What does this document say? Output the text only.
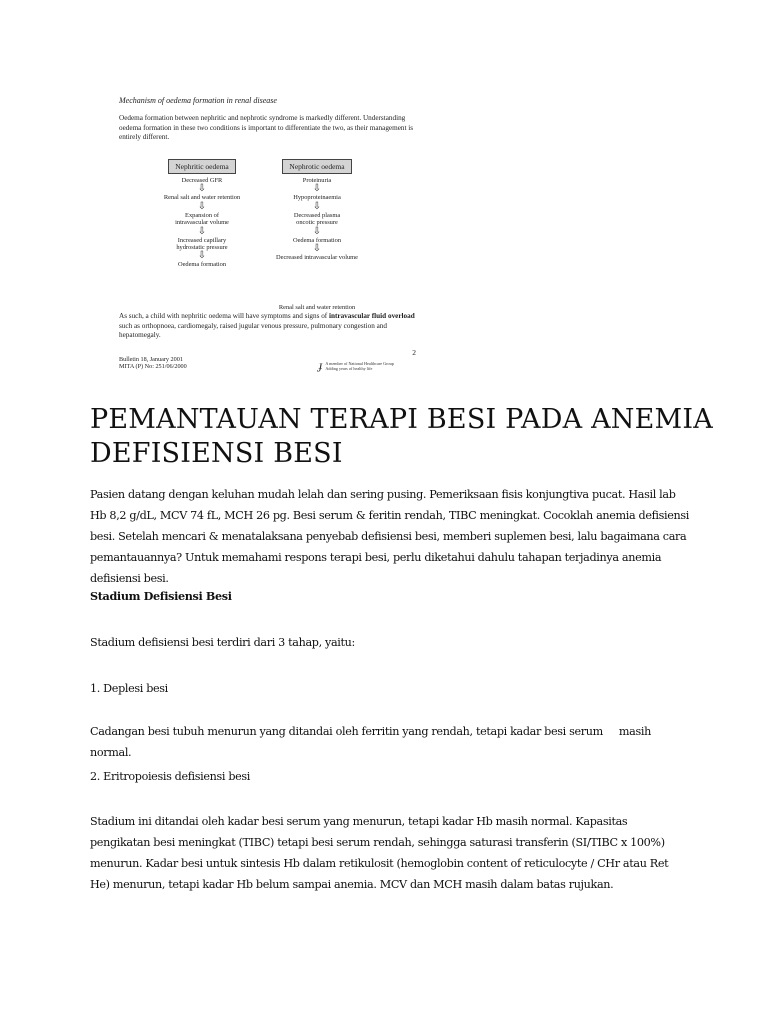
Mechanism of oedema formation in renal disease
Oedema formation between nephritic and nephrotic syndrome is markedly different. Understanding oedema formation in these two conditions is important to differentiate the two, as their management is entirely different.
Nephritic oedema
Decreased GFR
⇩
Renal salt and water retention
⇩
Expansion of intravascular volume
⇩
Increased capillary hydrostatic pressure
⇩
Oedema formation
Nephrotic oedema
Proteinuria
⇩
Hypoproteinaemia
⇩
Decreased plasma oncotic pressure
⇩
Oedema formation
⇩
Decreased intravascular volume
Renal salt and water retention
As such, a child with nephritic oedema will have symptoms and signs of intravascular fluid overload such as orthopnoea, cardiomegaly, raised jugular venous pressure, pulmonary congestion and hepatomegaly.
Bulletin 18, January 2001
MITA (P) No: 251/06/2000
2
ɟ A member of National Healthcare Group
Adding years of healthy life
PEMANTAUAN TERAPI BESI PADA ANEMIA DEFISIENSI BESI

Pasien datang dengan keluhan mudah lelah dan sering pusing. Pemeriksaan fisis konjungtiva pucat. Hasil lab Hb 8,2 g/dL, MCV 74 fL, MCH 26 pg. Besi serum & feritin rendah, TIBC meningkat. Cocoklah anemia defisiensi besi. Setelah mencari & menatalaksana penyebab defisiensi besi, memberi suplemen besi, lalu bagaimana cara pemantauannya? Untuk memahami respons terapi besi, perlu diketahui dahulu tahapan terjadinya anemia defisiensi besi.

Stadium Defisiensi Besi

Stadium defisiensi besi terdiri dari 3 tahap, yaitu:

1. Deplesi besi

Cadangan besi tubuh menurun yang ditandai oleh ferritin yang rendah, tetapi kadar besi serum     masih normal.

2. Eritropoiesis defisiensi besi

Stadium ini ditandai oleh kadar besi serum yang menurun, tetapi kadar Hb masih normal. Kapasitas pengikatan besi meningkat (TIBC) tetapi besi serum rendah, sehingga saturasi transferin (SI/TIBC x 100%) menurun. Kadar besi untuk sintesis Hb dalam retikulosit (hemoglobin content of reticulocyte / CHr atau Ret He) menurun, tetapi kadar Hb belum sampai anemia. MCV dan MCH masih dalam batas rujukan.
